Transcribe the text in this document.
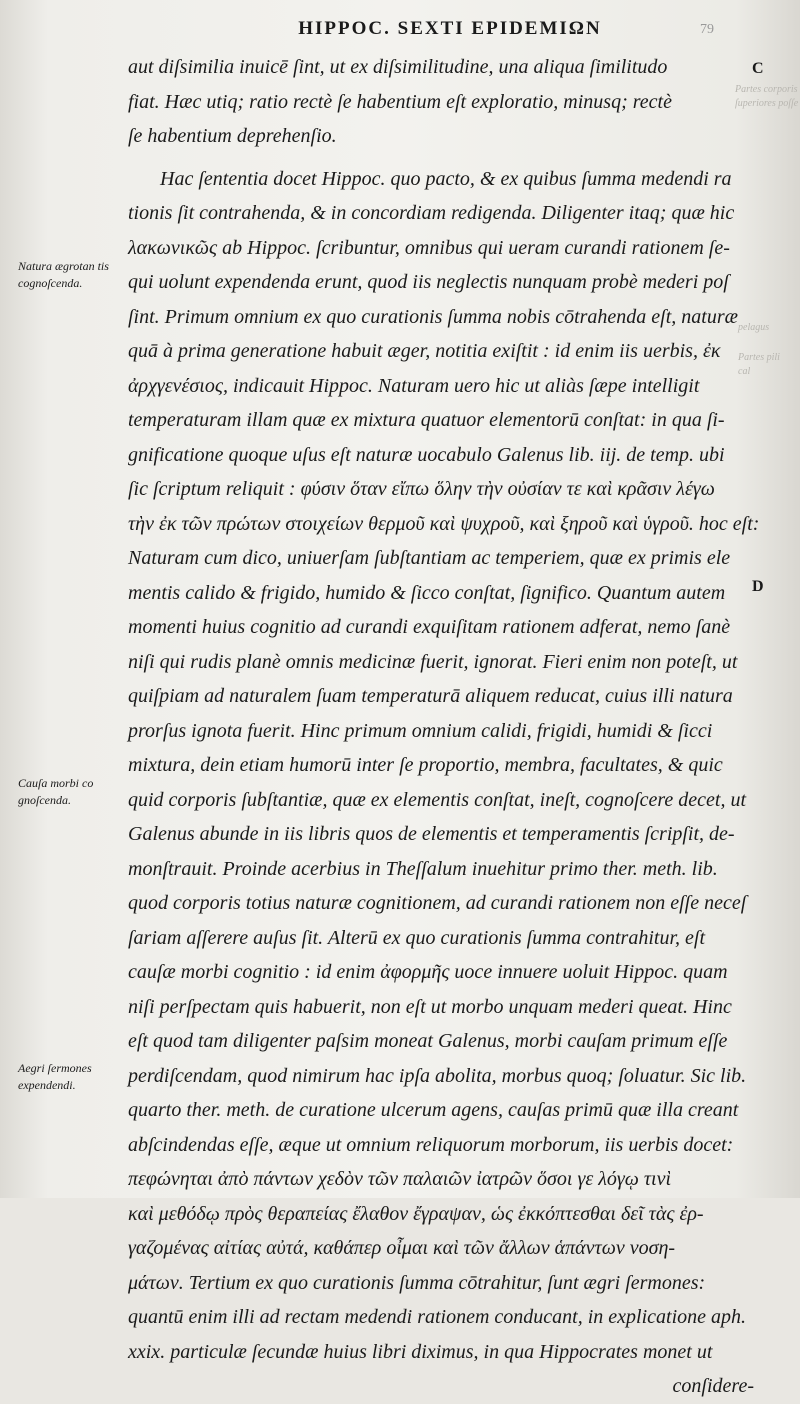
HIPPOC. SEXTI EPIDEMIΩN	79
Partes corporis
ſuperiores poſſe
pelagus
Partes pili
cal
aut diſsimilia inuicē ſint, ut ex diſsimilitudine, una aliqua ſimilitudo
fiat. Hæc utiq; ratio rectè ſe habentium eſt exploratio, minusq; rectè
ſe habentium deprehenſio.
Hac ſententia docet Hippoc. quo pacto, & ex quibus ſumma medendi ra
tionis ſit contrahenda, & in concordiam redigenda. Diligenter itaq; quæ hic
λακωνικῶς ab Hippoc. ſcribuntur, omnibus qui ueram curandi rationem ſe-
qui uolunt expendenda erunt, quod iis neglectis nunquam probè mederi poſ
ſint. Primum omnium ex quo curationis ſumma nobis cōtrahenda eſt, naturæ
quā à prima generatione habuit æger, notitia exiſtit : id enim iis uerbis, ἐκ
ἀρχγενέσιος, indicauit Hippoc. Naturam uero hic ut aliàs ſæpe intelligit
temperaturam illam quæ ex mixtura quatuor elementorū conſtat: in qua ſi-
gnificatione quoque uſus eſt naturæ uocabulo Galenus lib. iij. de temp. ubi
ſic ſcriptum reliquit : φύσιν ὅταν εἴπω ὅλην τὴν οὐσίαν τε καὶ κρᾶσιν λέγω
τὴν ἐκ τῶν πρώτων στοιχείων θερμοῦ καὶ ψυχροῦ, καὶ ξηροῦ καὶ ὑγροῦ. hoc eſt:
Naturam cum dico, uniuerſam ſubſtantiam ac temperiem, quæ ex primis ele
mentis calido & frigido, humido & ſicco conſtat, ſignifico. Quantum autem
momenti huius cognitio ad curandi exquiſitam rationem adferat, nemo ſanè
niſi qui rudis planè omnis medicinæ fuerit, ignorat. Fieri enim non poteſt, ut
quiſpiam ad naturalem ſuam temperaturā aliquem reducat, cuius illi natura
prorſus ignota fuerit. Hinc primum omnium calidi, frigidi, humidi & ſicci
mixtura, dein etiam humorū inter ſe proportio, membra, facultates, & quic
quid corporis ſubſtantiæ, quæ ex elementis conſtat, ineſt, cognoſcere decet, ut
Galenus abunde in iis libris quos de elementis et temperamentis ſcripſit, de-
monſtrauit. Proinde acerbius in Theſſalum inuehitur primo ther. meth. lib.
quod corporis totius naturæ cognitionem, ad curandi rationem non eſſe neceſ
ſariam aſſerere auſus ſit. Alterū ex quo curationis ſumma contrahitur, eſt
cauſæ morbi cognitio : id enim ἀφορμῆς uoce innuere uoluit Hippoc. quam
niſi perſpectam quis habuerit, non eſt ut morbo unquam mederi queat. Hinc
eſt quod tam diligenter paſsim moneat Galenus, morbi cauſam primum eſſe
perdiſcendam, quod nimirum hac ipſa abolita, morbus quoq; ſoluatur. Sic lib.
quarto ther. meth. de curatione ulcerum agens, cauſas primū quæ illa creant
abſcindendas eſſe, æque ut omnium reliquorum morborum, iis uerbis docet:
πεφώνηται ἀπὸ πάντων χεδὸν τῶν παλαιῶν ἰατρῶν ὅσοι γε λόγῳ τινὶ
καὶ μεθόδῳ πρὸς θεραπείας ἔλαθον ἔγραψαν, ὡς ἐκκόπτεσθαι δεῖ τὰς ἐρ-
γαζομένας αἰτίας αὐτά, καθάπερ οἶμαι καὶ τῶν ἄλλων ἁπάντων νοση-
μάτων. Tertium ex quo curationis ſumma cōtrahitur, ſunt ægri ſermones:
quantū enim illi ad rectam medendi rationem conducant, in explicatione aph.
xxix. particulæ ſecundæ huius libri diximus, in qua Hippocrates monet ut
conſidere-
Natura ægrotan tis cognoſcenda.
Cauſa morbi co gnoſcenda.
Aegri ſermones expendendi.
C
D
